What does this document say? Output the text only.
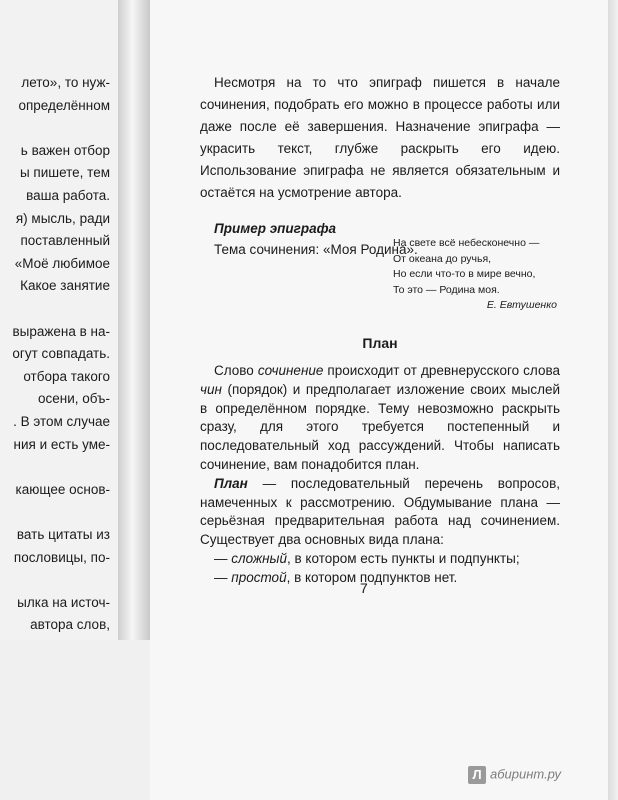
лето», то нуж-
определённом
ь важен отбор
ы пишете, тем
ваша работа.
я) мысль, ради
поставленный
«Моё любимое
Какое занятие
выражена в на-
огут совпадать.
отбора такого
осени, объ-
. В этом случае
ния и есть уме-
кающее основ-
вать цитаты из
пословицы, по-
ылка на источ-
автора слов,

Несмотря на то что эпиграф пишется в начале сочинения, подобрать его можно в процессе работы или даже после её завершения. Назначение эпиграфа — украсить текст, глубже раскрыть его идею. Использование эпиграфа не является обязательным и остаётся на усмотрение автора.

Пример эпиграфа
Тема сочинения: «Моя Родина».
На свете всё небесконечно —
От океана до ручья,
Но если что-то в мире вечно,
То это — Родина моя.
Е. Евтушенко
План

Слово сочинение происходит от древнерусского слова чин (порядок) и предполагает изложение своих мыслей в определённом порядке. Тему невозможно раскрыть сразу, для этого требуется постепенный и последовательный ход рассуждений. Чтобы написать сочинение, вам понадобится план.

План — последовательный перечень вопросов, намеченных к рассмотрению. Обдумывание плана — серьёзная предварительная работа над сочинением. Существует два основных вида плана:

— сложный, в котором есть пункты и подпункты;

— простой, в котором подпунктов нет.

7
Л абиринт.ру
